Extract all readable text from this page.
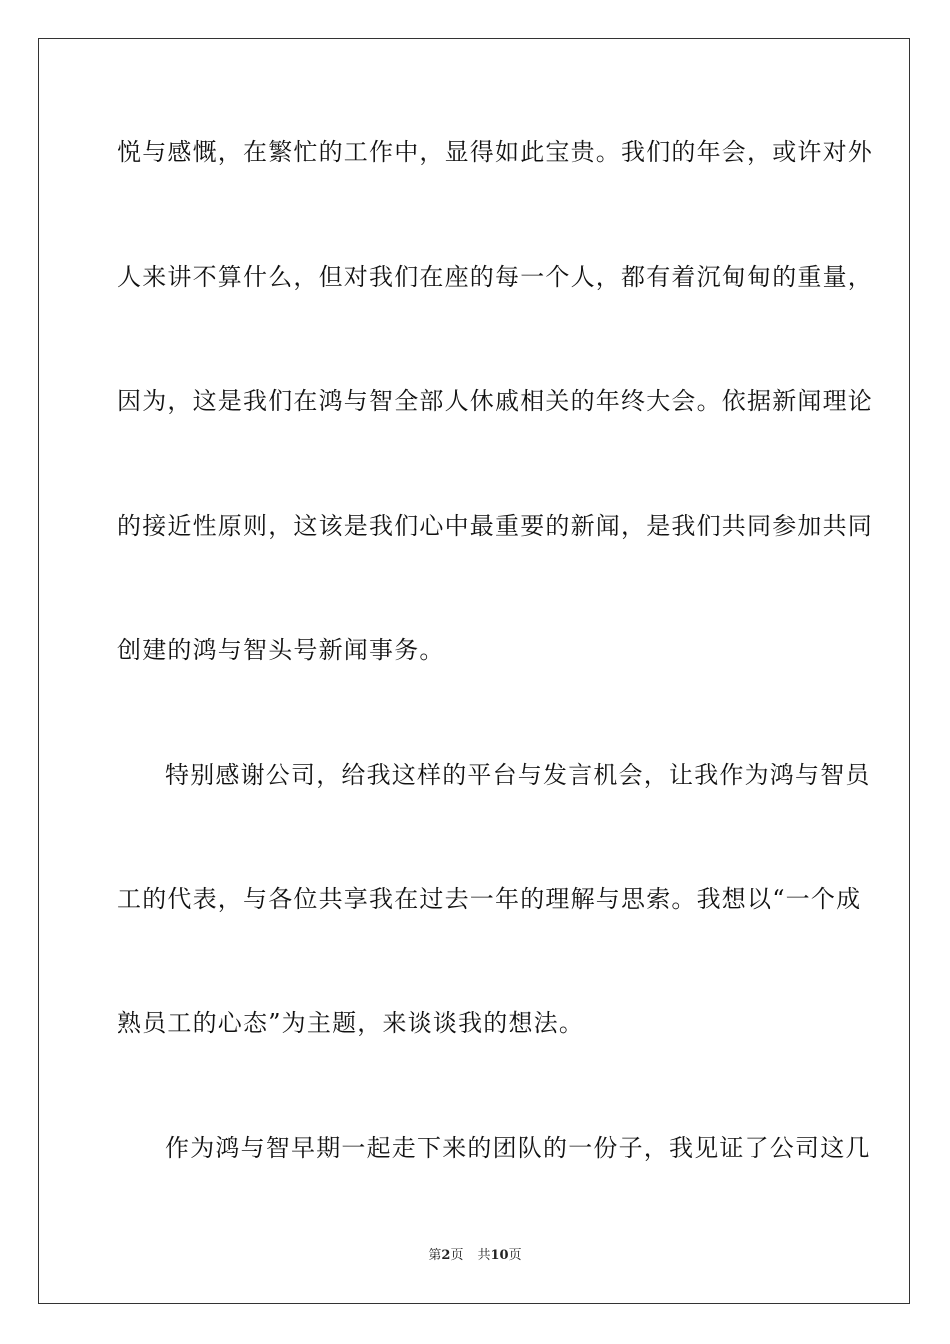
悦与感慨，在繁忙的工作中，显得如此宝贵。我们的年会，或许对外
人来讲不算什么，但对我们在座的每一个人，都有着沉甸甸的重量，
因为，这是我们在鸿与智全部人休戚相关的年终大会。依据新闻理论
的接近性原则，这该是我们心中最重要的新闻，是我们共同参加共同
创建的鸿与智头号新闻事务。
特别感谢公司，给我这样的平台与发言机会，让我作为鸿与智员
工的代表，与各位共享我在过去一年的理解与思索。我想以“一个成
熟员工的心态”为主题，来谈谈我的想法。
作为鸿与智早期一起走下来的团队的一份子，我见证了公司这几
第2页 共10页
